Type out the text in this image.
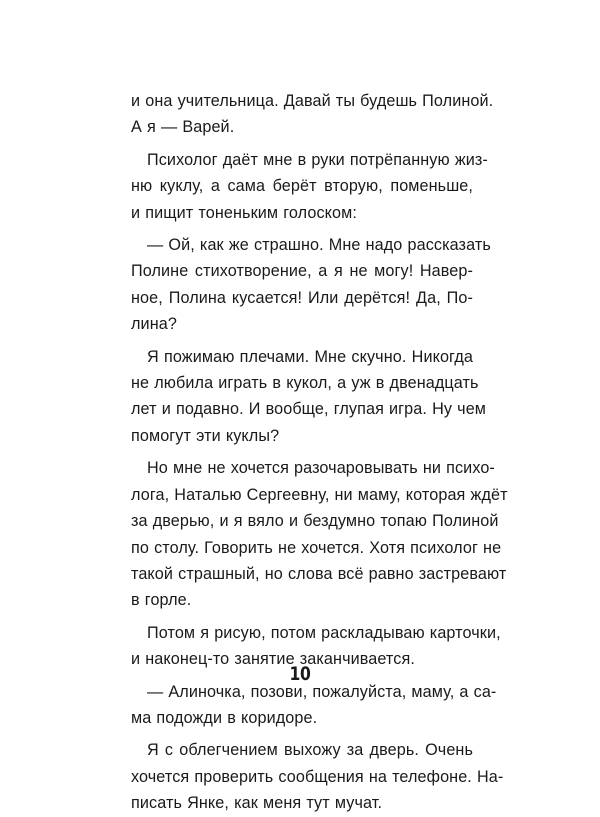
и она учительница. Давай ты будешь Полиной.
А я — Варей.

Психолог даёт мне в руки потрёпанную жиз-
ню куклу, а сама берёт вторую, поменьше,
и пищит тоненьким голоском:

— Ой, как же страшно. Мне надо рассказать
Полине стихотворение, а я не могу! Навер-
ное, Полина кусается! Или дерётся! Да, По-
лина?

Я пожимаю плечами. Мне скучно. Никогда
не любила играть в кукол, а уж в двенадцать
лет и подавно. И вообще, глупая игра. Ну чем
помогут эти куклы?

Но мне не хочется разочаровывать ни психо-
лога, Наталью Сергеевну, ни маму, которая ждёт
за дверью, и я вяло и бездумно топаю Полиной
по столу. Говорить не хочется. Хотя психолог не
такой страшный, но слова всё равно застревают
в горле.

Потом я рисую, потом раскладываю карточки,
и наконец-то занятие заканчивается.

— Алиночка, позови, пожалуйста, маму, а са-
ма подожди в коридоре.

Я с облегчением выхожу за дверь. Очень
хочется проверить сообщения на телефоне. На-
писать Янке, как меня тут мучат.

10
